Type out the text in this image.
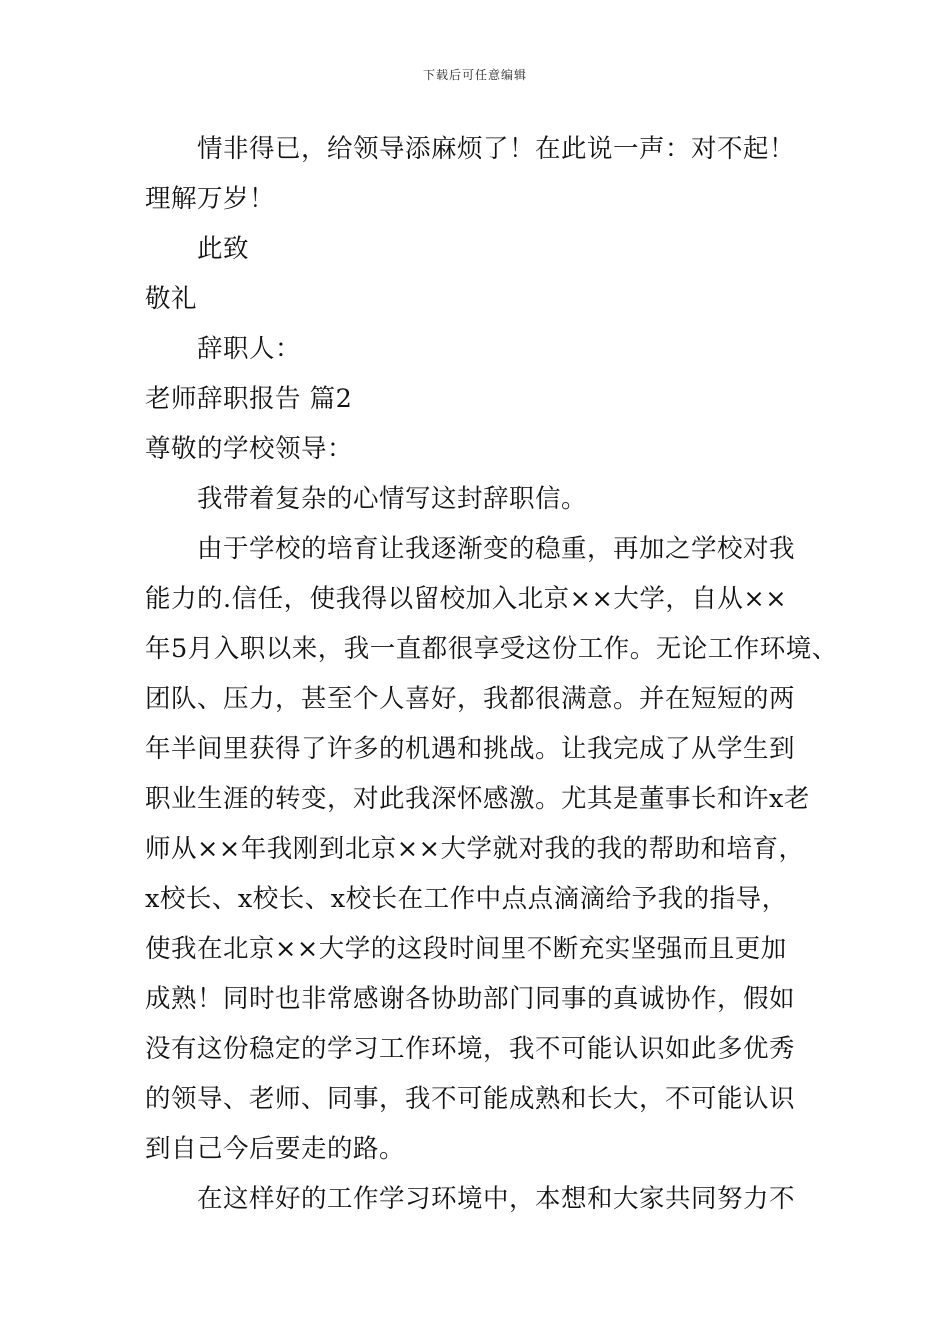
下载后可任意编辑
情非得已，给领导添麻烦了！在此说一声：对不起！
理解万岁！
此致
敬礼
辞职人：
老师辞职报告 篇2
尊敬的学校领导：
我带着复杂的心情写这封辞职信。
由于学校的培育让我逐渐变的稳重，再加之学校对我
能力的.信任，使我得以留校加入北京××大学，自从××
年5月入职以来，我一直都很享受这份工作。无论工作环境、
团队、压力，甚至个人喜好，我都很满意。并在短短的两
年半间里获得了许多的机遇和挑战。让我完成了从学生到
职业生涯的转变，对此我深怀感激。尤其是董事长和许x老
师从××年我刚到北京××大学就对我的我的帮助和培育，
x校长、x校长、x校长在工作中点点滴滴给予我的指导，
使我在北京××大学的这段时间里不断充实坚强而且更加
成熟！同时也非常感谢各协助部门同事的真诚协作，假如
没有这份稳定的学习工作环境，我不可能认识如此多优秀
的领导、老师、同事，我不可能成熟和长大，不可能认识
到自己今后要走的路。
在这样好的工作学习环境中，本想和大家共同努力不
